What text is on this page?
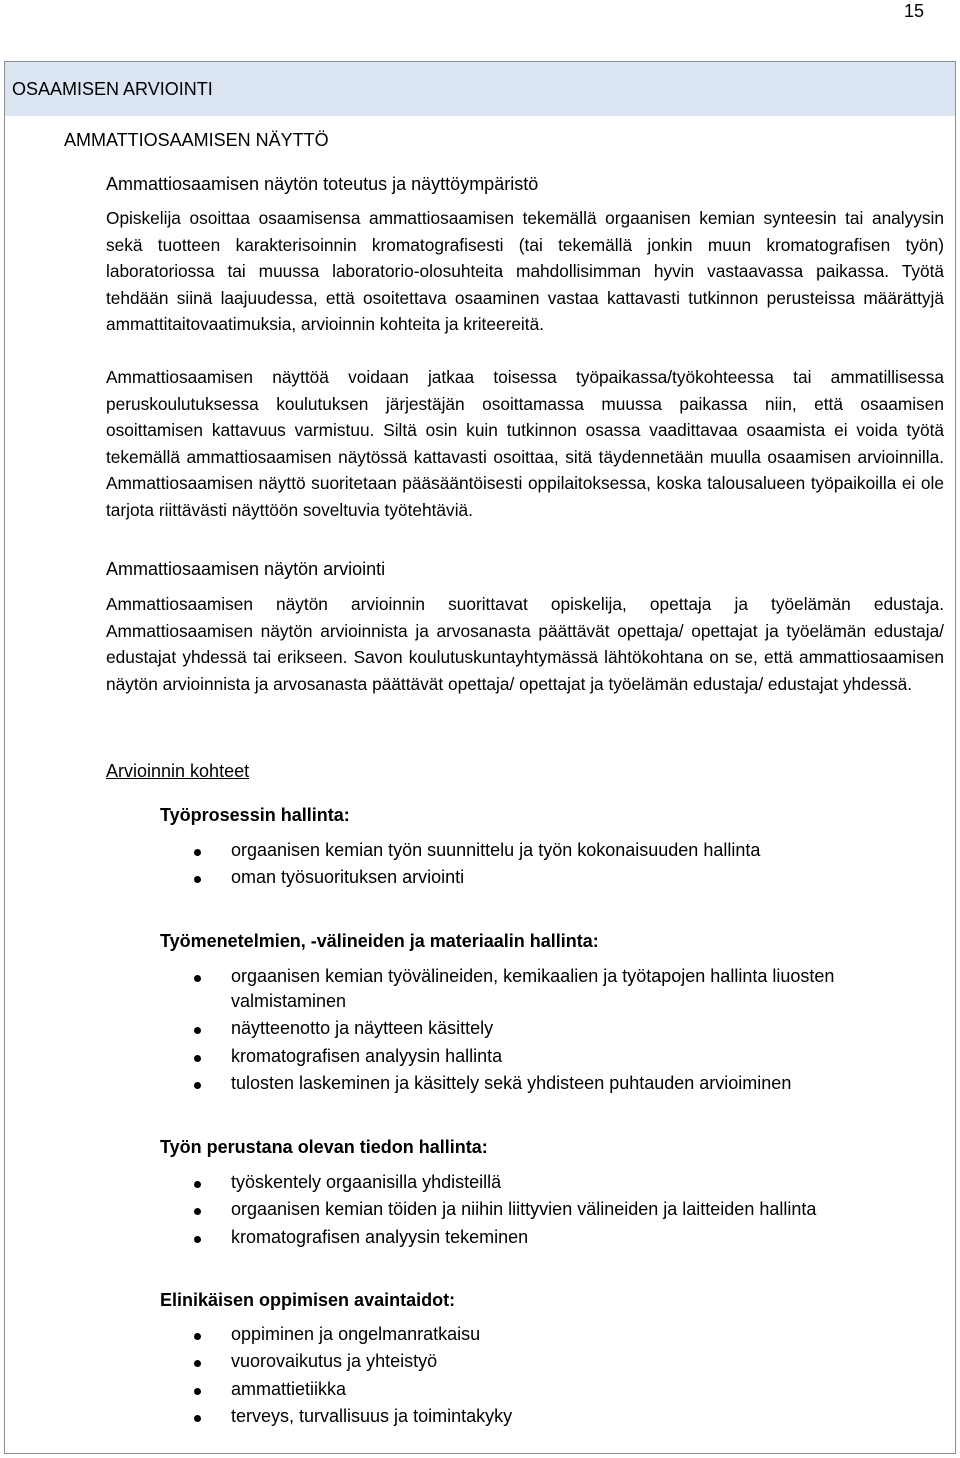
15
OSAAMISEN ARVIOINTI
AMMATTIOSAAMISEN NÄYTTÖ
Ammattiosaamisen näytön toteutus ja näyttöympäristö

Opiskelija osoittaa osaamisensa ammattiosaamisen tekemällä orgaanisen kemian synteesin tai analyysin sekä tuotteen karakterisoinnin kromatografisesti (tai tekemällä jonkin muun kromatografisen työn) laboratoriossa tai muussa laboratorio-olosuhteita mahdollisimman hyvin vastaavassa paikassa. Työtä tehdään siinä laajuudessa, että osoitettava osaaminen vastaa kattavasti tutkinnon perusteissa määrättyjä ammattitaitovaatimuksia, arvioinnin kohteita ja kriteereitä.

Ammattiosaamisen näyttöä voidaan jatkaa toisessa työpaikassa/työkohteessa tai ammatillisessa peruskoulutuksessa koulutuksen järjestäjän osoittamassa muussa paikassa niin, että osaamisen osoittamisen kattavuus varmistuu. Siltä osin kuin tutkinnon osassa vaadittavaa osaamista ei voida työtä tekemällä ammattiosaamisen näytössä kattavasti osoittaa, sitä täydennetään muulla osaamisen arvioinnilla. Ammattiosaamisen näyttö suoritetaan pääsääntöisesti oppilaitoksessa, koska talousalueen työpaikoilla ei ole tarjota riittävästi näyttöön soveltuvia työtehtäviä.

Ammattiosaamisen näytön arviointi

Ammattiosaamisen näytön arvioinnin suorittavat opiskelija, opettaja ja työelämän edustaja. Ammattiosaamisen näytön arvioinnista ja arvosanasta päättävät opettaja/ opettajat ja työelämän edustaja/ edustajat yhdessä tai erikseen. Savon koulutuskuntayhtymässä lähtökohtana on se, että ammattiosaamisen näytön arvioinnista ja arvosanasta päättävät opettaja/ opettajat ja työelämän edustaja/ edustajat yhdessä.

Arvioinnin kohteet
Työprosessin hallinta:
orgaanisen kemian työn suunnittelu ja työn kokonaisuuden hallinta
oman työsuorituksen arviointi
Työmenetelmien, -välineiden ja materiaalin hallinta:
orgaanisen kemian työvälineiden, kemikaalien ja työtapojen hallinta liuosten valmistaminen
näytteenotto ja näytteen käsittely
kromatografisen analyysin hallinta
tulosten laskeminen ja käsittely sekä yhdisteen puhtauden arvioiminen
Työn perustana olevan tiedon hallinta:
työskentely orgaanisilla yhdisteillä
orgaanisen kemian töiden ja niihin liittyvien välineiden ja laitteiden hallinta
kromatografisen analyysin tekeminen
Elinikäisen oppimisen avaintaidot:
oppiminen ja ongelmanratkaisu
vuorovaikutus ja yhteistyö
ammattietiikka
terveys, turvallisuus ja toimintakyky
